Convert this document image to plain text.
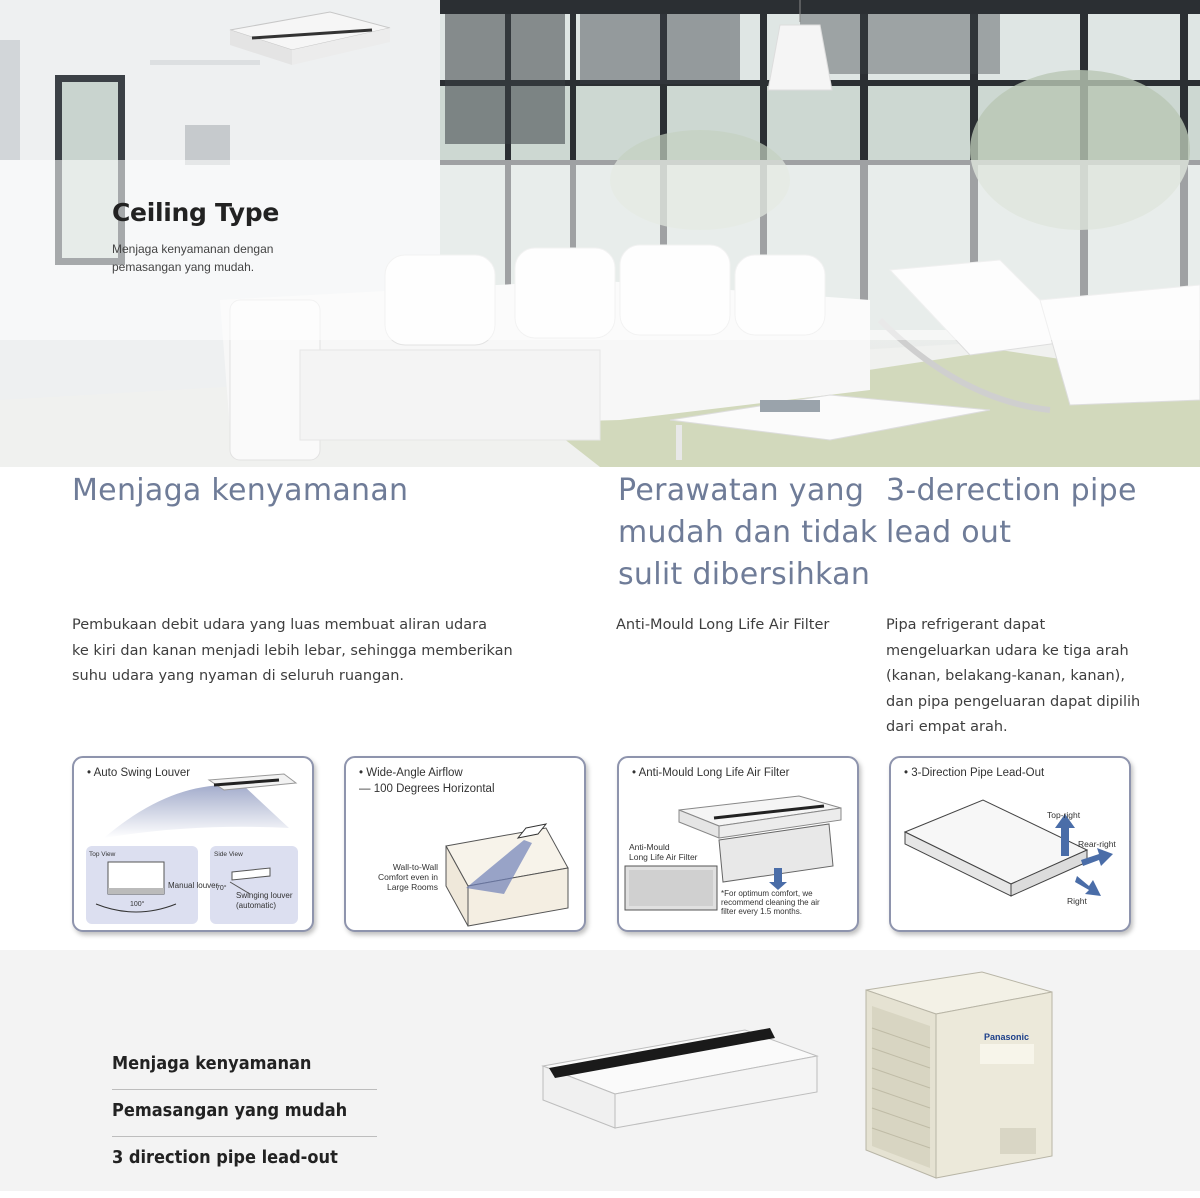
Ceiling Type
Menjaga kenyamanan dengan pemasangan yang mudah.
Menjaga kenyamanan
Pembukaan debit udara yang luas membuat aliran udara
ke kiri dan kanan menjadi lebih lebar, sehingga memberikan
suhu udara yang nyaman di seluruh ruangan.
Perawatan yang mudah dan tidak sulit dibersihkan
Anti-Mould Long Life Air Filter
3-derection pipe lead out
Pipa refrigerant dapat mengeluarkan udara ke tiga arah (kanan, belakang-kanan, kanan), dan pipa pengeluaran dapat dipilih dari empat arah.
• Auto Swing Louver
Top View	Side View
Manual louver
100°
70°
Swinging louver
(automatic)
• Wide-Angle Airflow
— 100 Degrees Horizontal
Wall-to-Wall
Comfort even in
Large Rooms
• Anti-Mould Long Life Air Filter
Anti-Mould
Long Life Air Filter
*For optimum comfort, we
recommend cleaning the air
filter every 1.5 months.
• 3-Direction Pipe Lead-Out
Top-right
Rear-right
Right
Menjaga kenyamanan
Pemasangan yang mudah
3 direction pipe lead-out
Panasonic
